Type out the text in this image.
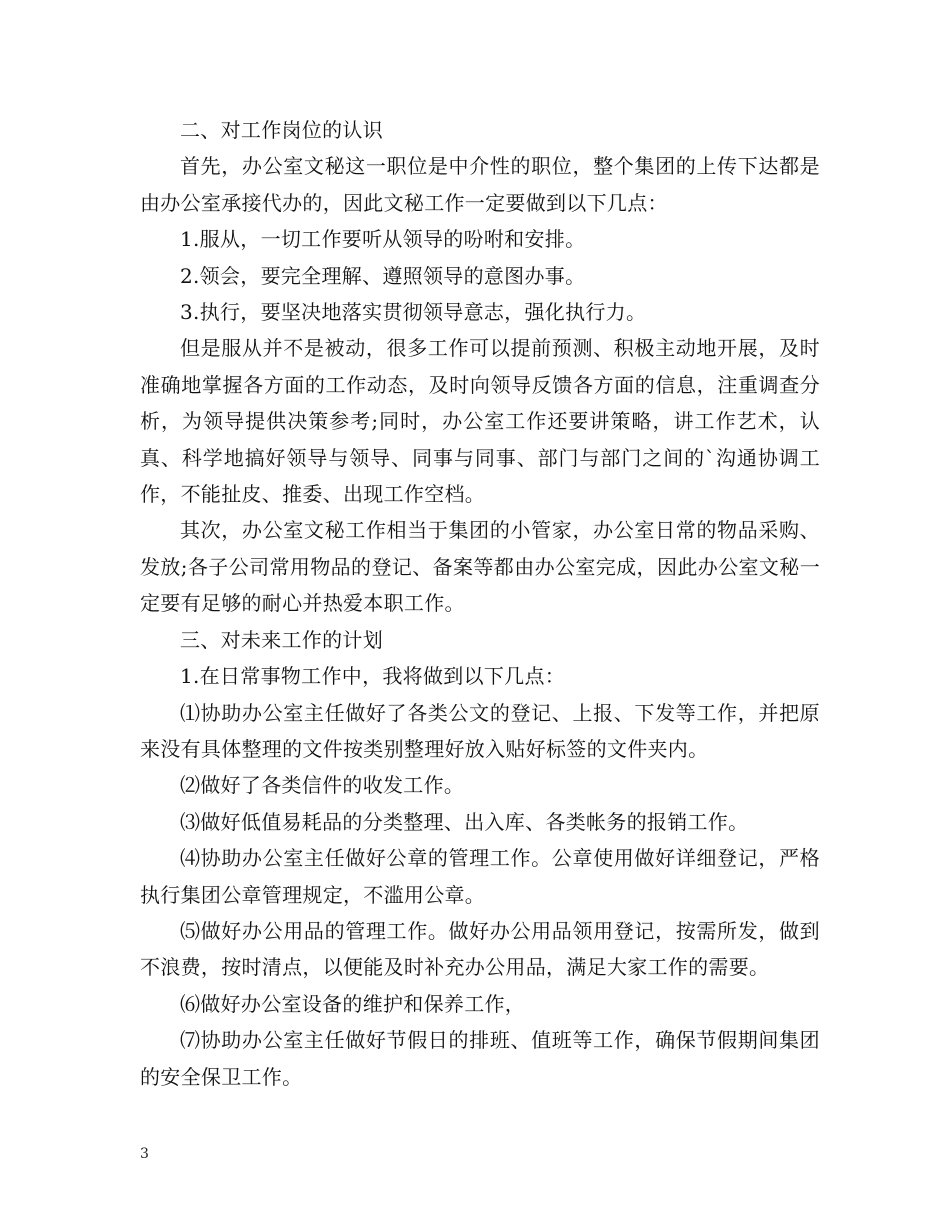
二、对工作岗位的认识

首先，办公室文秘这一职位是中介性的职位，整个集团的上传下达都是由办公室承接代办的，因此文秘工作一定要做到以下几点：

1.服从，一切工作要听从领导的吩咐和安排。

2.领会，要完全理解、遵照领导的意图办事。

3.执行，要坚决地落实贯彻领导意志，强化执行力。

但是服从并不是被动，很多工作可以提前预测、积极主动地开展，及时准确地掌握各方面的工作动态，及时向领导反馈各方面的信息，注重调查分析，为领导提供决策参考;同时，办公室工作还要讲策略，讲工作艺术，认真、科学地搞好领导与领导、同事与同事、部门与部门之间的`沟通协调工作，不能扯皮、推委、出现工作空档。

其次，办公室文秘工作相当于集团的小管家，办公室日常的物品采购、发放;各子公司常用物品的登记、备案等都由办公室完成，因此办公室文秘一定要有足够的耐心并热爱本职工作。

三、对未来工作的计划

1.在日常事物工作中，我将做到以下几点：

⑴协助办公室主任做好了各类公文的登记、上报、下发等工作，并把原来没有具体整理的文件按类别整理好放入贴好标签的文件夹内。

⑵做好了各类信件的收发工作。

⑶做好低值易耗品的分类整理、出入库、各类帐务的报销工作。

⑷协助办公室主任做好公章的管理工作。公章使用做好详细登记，严格执行集团公章管理规定，不滥用公章。

⑸做好办公用品的管理工作。做好办公用品领用登记，按需所发，做到不浪费，按时清点，以便能及时补充办公用品，满足大家工作的需要。

⑹做好办公室设备的维护和保养工作，

⑺协助办公室主任做好节假日的排班、值班等工作，确保节假期间集团的安全保卫工作。

3
